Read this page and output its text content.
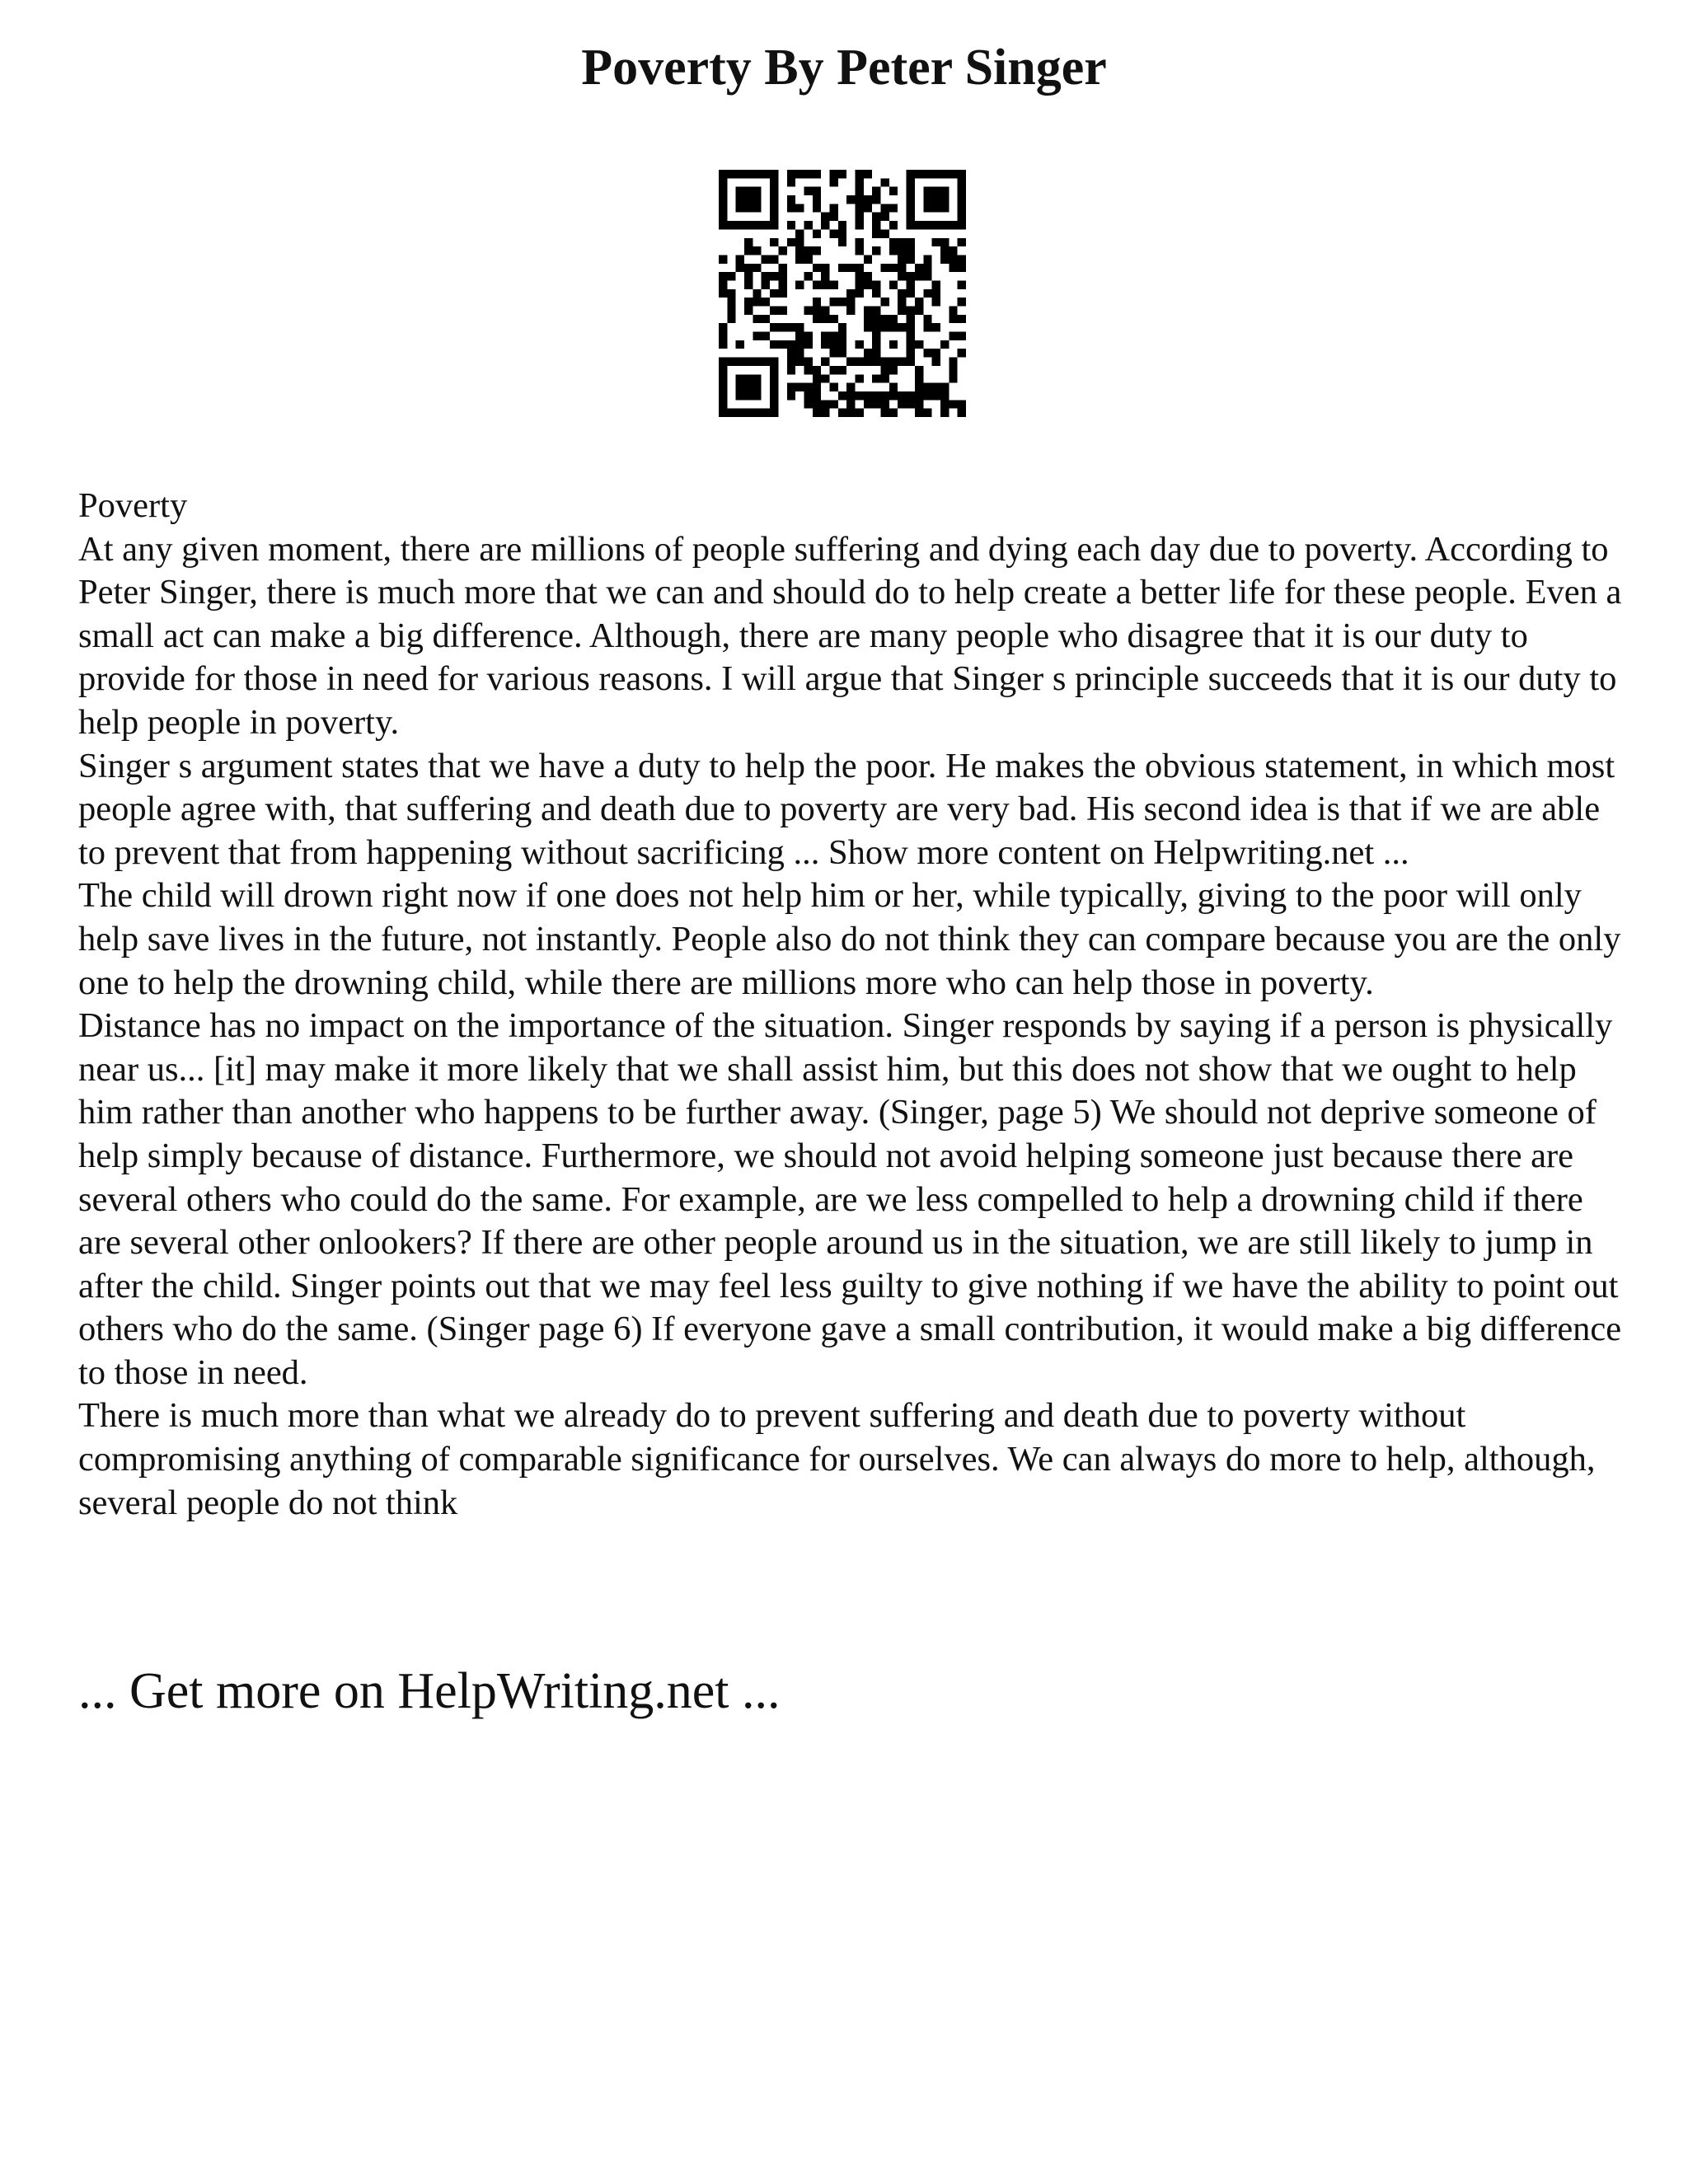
Poverty By Peter Singer

Poverty

At any given moment, there are millions of people suffering and dying each day due to poverty. According to Peter Singer, there is much more that we can and should do to help create a better life for these people. Even a small act can make a big difference. Although, there are many people who disagree that it is our duty to provide for those in need for various reasons. I will argue that Singer s principle succeeds that it is our duty to help people in poverty.

Singer s argument states that we have a duty to help the poor. He makes the obvious statement, in which most people agree with, that suffering and death due to poverty are very bad. His second idea is that if we are able to prevent that from happening without sacrificing ... Show more content on Helpwriting.net ...

The child will drown right now if one does not help him or her, while typically, giving to the poor will only help save lives in the future, not instantly. People also do not think they can compare because you are the only one to help the drowning child, while there are millions more who can help those in poverty.

Distance has no impact on the importance of the situation. Singer responds by saying if a person is physically near us... [it] may make it more likely that we shall assist him, but this does not show that we ought to help him rather than another who happens to be further away. (Singer, page 5) We should not deprive someone of help simply because of distance. Furthermore, we should not avoid helping someone just because there are several others who could do the same. For example, are we less compelled to help a drowning child if there are several other onlookers? If there are other people around us in the situation, we are still likely to jump in after the child. Singer points out that we may feel less guilty to give nothing if we have the ability to point out others who do the same. (Singer page 6) If everyone gave a small contribution, it would make a big difference to those in need.

There is much more than what we already do to prevent suffering and death due to poverty without compromising anything of comparable significance for ourselves. We can always do more to help, although, several people do not think

... Get more on HelpWriting.net ...
